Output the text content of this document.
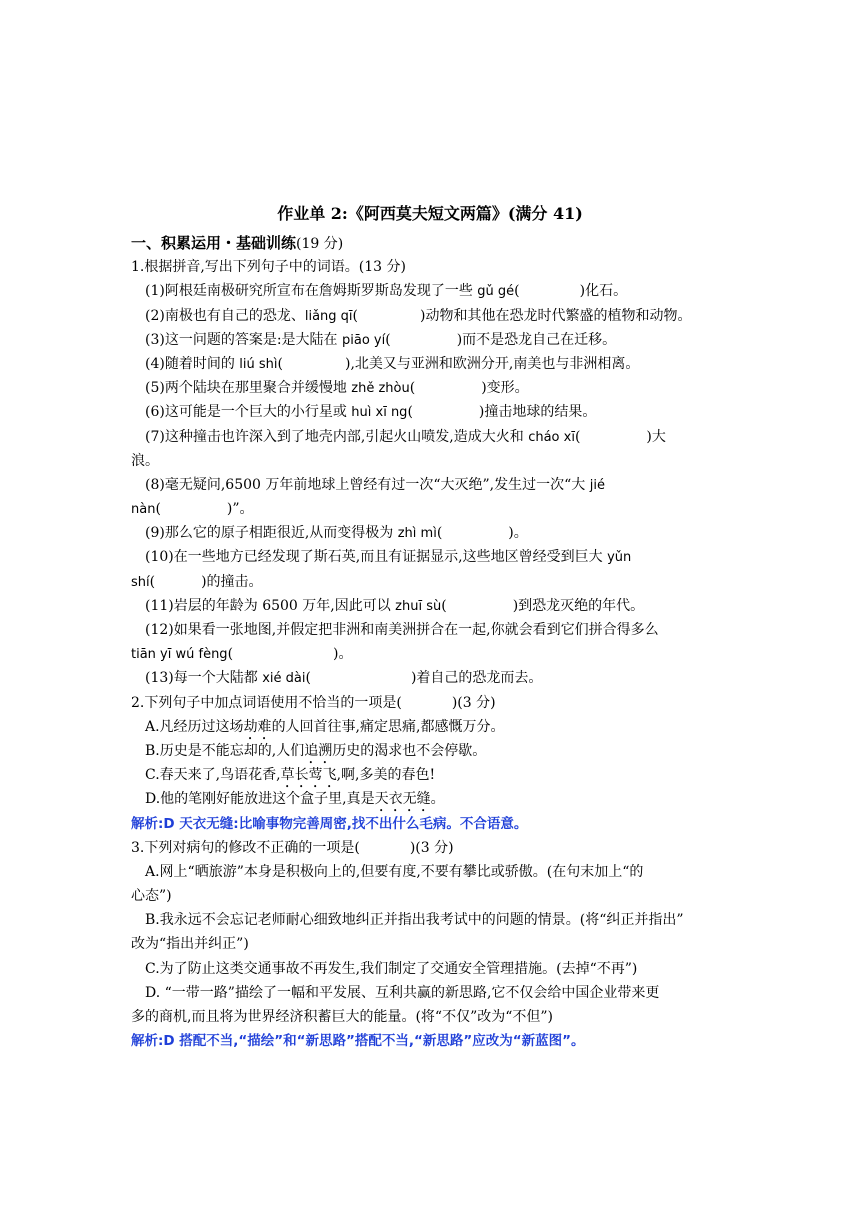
作业单 2:《阿西莫夫短文两篇》(满分 41)
一、积累运用・基础训练(19 分)
1.根据拼音,写出下列句子中的词语。(13 分)
(1)阿根廷南极研究所宣布在詹姆斯罗斯岛发现了一些 gǔ gé(	)化石。
(2)南极也有自己的恐龙、liǎng qī(	)动物和其他在恐龙时代繁盛的植物和动物。
(3)这一问题的答案是:是大陆在 piāo yí(	)而不是恐龙自己在迁移。
(4)随着时间的 liú shì(	),北美又与亚洲和欧洲分开,南美也与非洲相离。
(5)两个陆块在那里聚合并缓慢地 zhě zhòu(	)变形。
(6)这可能是一个巨大的小行星或 huì xī ng(	)撞击地球的结果。
(7)这种撞击也许深入到了地壳内部,引起火山喷发,造成大火和 cháo xī(	)大
浪。
(8)毫无疑问,6500 万年前地球上曾经有过一次“大灭绝”,发生过一次“大 jié
nàn(	)”。
(9)那么它的原子相距很近,从而变得极为 zhì mì(	)。
(10)在一些地方已经发现了斯石英,而且有证据显示,这些地区曾经受到巨大 yǔn
shí(	)的撞击。
(11)岩层的年龄为 6500 万年,因此可以 zhuī sù(	)到恐龙灭绝的年代。
(12)如果看一张地图,并假定把非洲和南美洲拼合在一起,你就会看到它们拼合得多么
tiān yī wú fèng(	)。
(13)每一个大陆都 xié dài(	)着自己的恐龙而去。
2.下列句子中加点词语使用不恰当的一项是(	)(3 分)
A.凡经历过这场劫难的人回首往事,痛定思痛,都感慨万分。
B.历史是不能忘却的,人们追溯历史的渴求也不会停歇。
C.春天来了,鸟语花香,草长莺飞,啊,多美的春色!
D.他的笔刚好能放进这个盒子里,真是天衣无缝。
解析:D 天衣无缝:比喻事物完善周密,找不出什么毛病。不合语意。
3.下列对病句的修改不正确的一项是(	)(3 分)
A.网上“晒旅游”本身是积极向上的,但要有度,不要有攀比或骄傲。(在句末加上“的
心态”)
B.我永远不会忘记老师耐心细致地纠正并指出我考试中的问题的情景。(将“纠正并指出”
改为“指出并纠正”)
C.为了防止这类交通事故不再发生,我们制定了交通安全管理措施。(去掉“不再”)
D. “一带一路”描绘了一幅和平发展、互利共赢的新思路,它不仅会给中国企业带来更
多的商机,而且将为世界经济积蓄巨大的能量。(将“不仅”改为“不但”)
解析:D 搭配不当,“描绘”和“新思路”搭配不当,“新思路”应改为“新蓝图”。
